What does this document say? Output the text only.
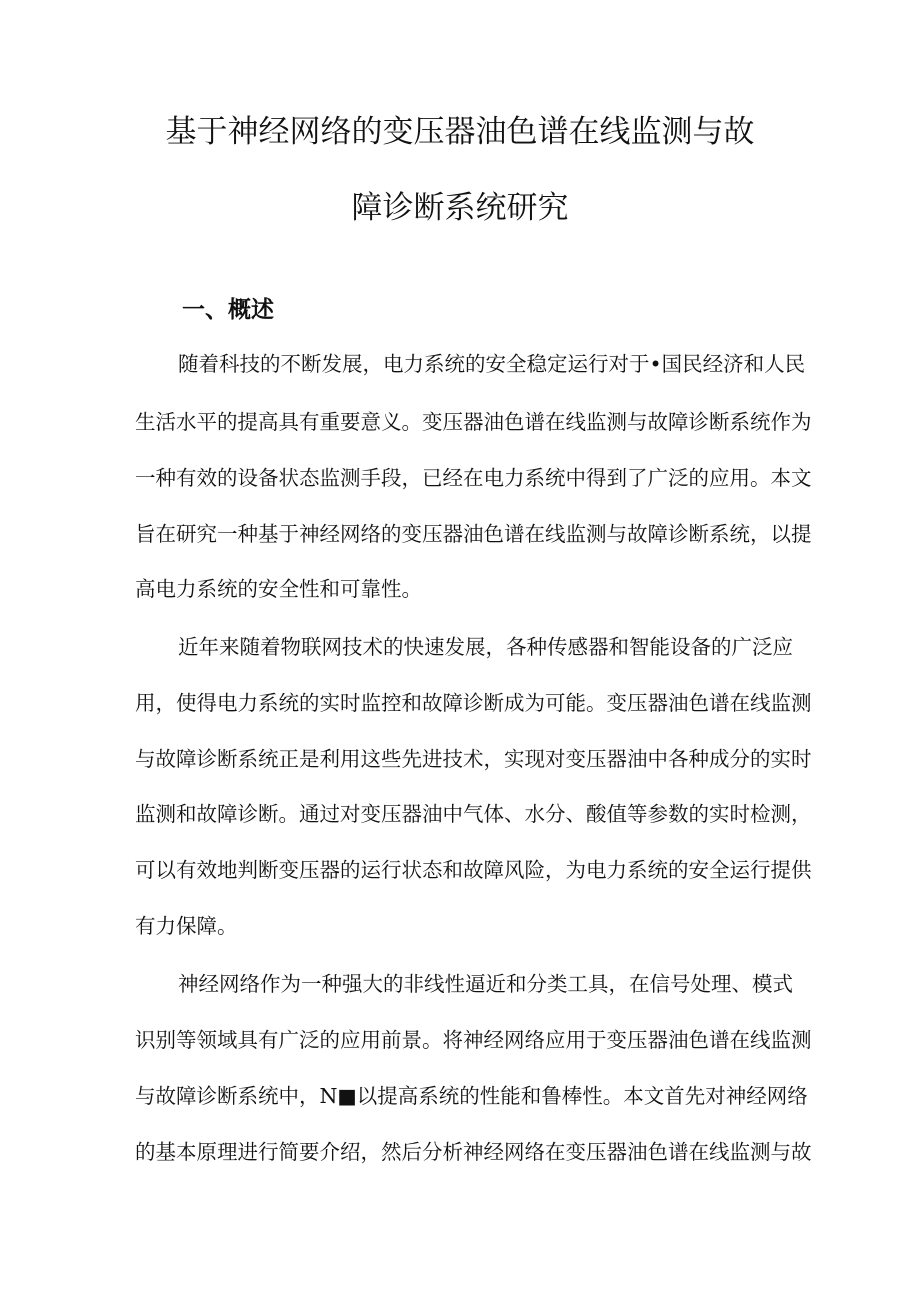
基于神经网络的变压器油色谱在线监测与故
障诊断系统研究
一、概述
随着科技的不断发展，电力系统的安全稳定运行对于•国民经济和人民
生活水平的提高具有重要意义。变压器油色谱在线监测与故障诊断系统作为
一种有效的设备状态监测手段，已经在电力系统中得到了广泛的应用。本文
旨在研究一种基于神经网络的变压器油色谱在线监测与故障诊断系统，以提
高电力系统的安全性和可靠性。
近年来随着物联网技术的快速发展，各种传感器和智能设备的广泛应
用，使得电力系统的实时监控和故障诊断成为可能。变压器油色谱在线监测
与故障诊断系统正是利用这些先进技术，实现对变压器油中各种成分的实时
监测和故障诊断。通过对变压器油中气体、水分、酸值等参数的实时检测，
可以有效地判断变压器的运行状态和故障风险，为电力系统的安全运行提供
有力保障。
神经网络作为一种强大的非线性逼近和分类工具，在信号处理、模式
识别等领域具有广泛的应用前景。将神经网络应用于变压器油色谱在线监测
与故障诊断系统中，N■以提高系统的性能和鲁棒性。本文首先对神经网络
的基本原理进行简要介绍，然后分析神经网络在变压器油色谱在线监测与故
